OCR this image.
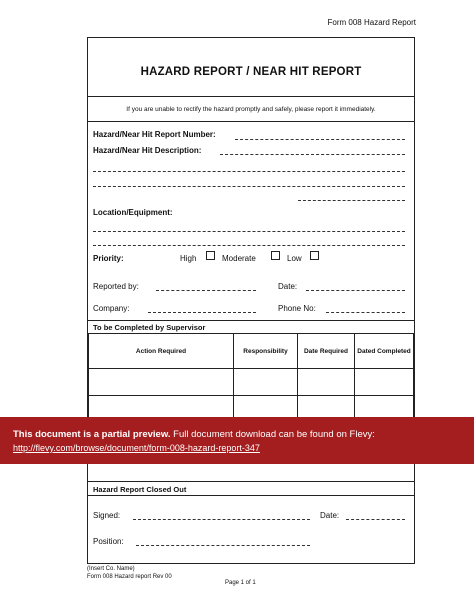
Form 008 Hazard Report
HAZARD REPORT / NEAR HIT REPORT
If you are unable to rectify the hazard promptly and safely, please report it immediately.
Hazard/Near Hit Report Number:
Hazard/Near Hit Description:
Location/Equipment:
Priority:	High	Moderate	Low
Reported by:	Date:
Company:	Phone No:
To be Completed by Supervisor
Action Required	Responsibility	Date Required	Dated Completed

Hazard Report Closed Out
Signed:	Date:
Position:
(Insert Co. Name)
Form 008 Hazard report Rev 00
Page 1 of 1
This document is a partial preview. Full document download can be found on Flevy:
http://flevy.com/browse/document/form-008-hazard-report-347
